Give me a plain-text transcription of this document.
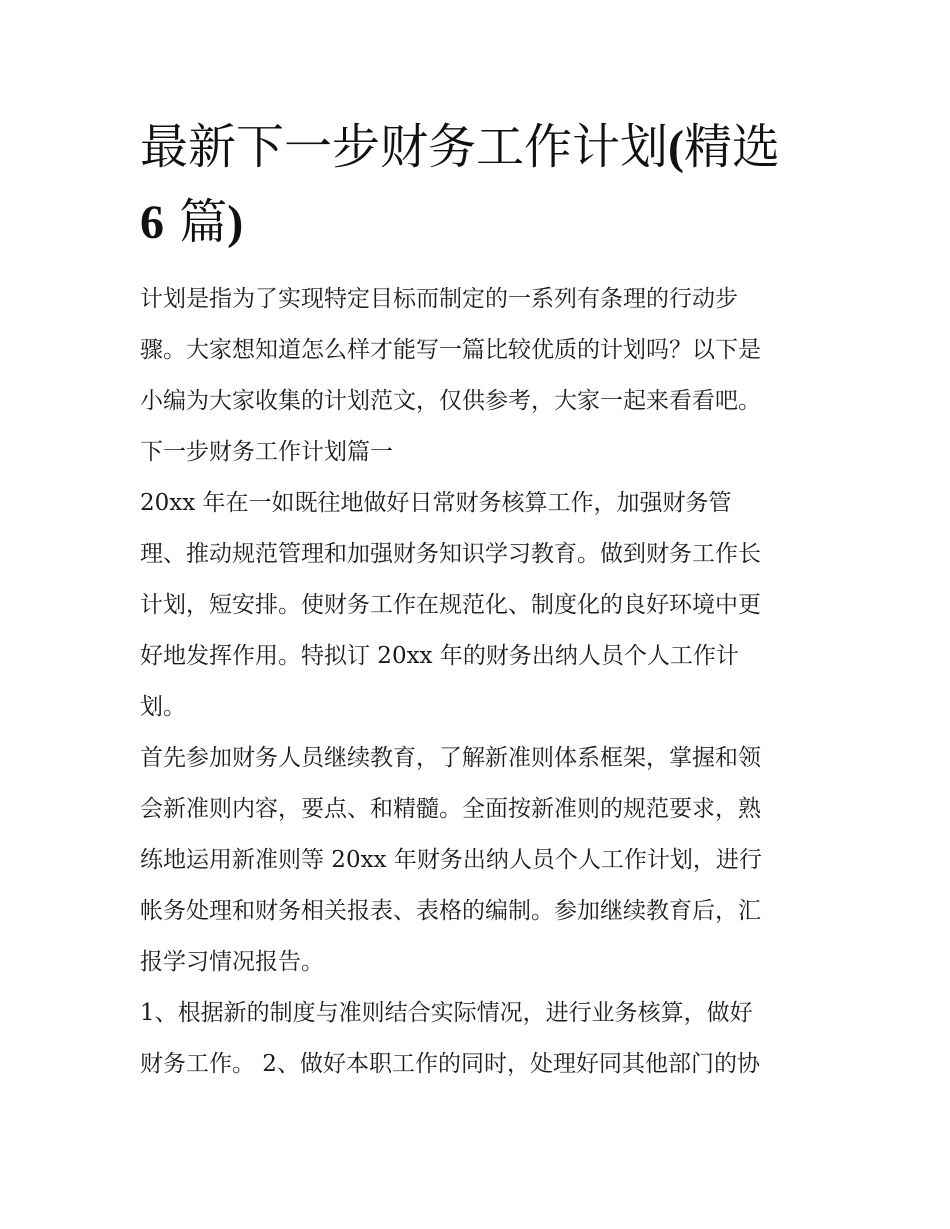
最新下一步财务工作计划(精选
6 篇)
计划是指为了实现特定目标而制定的一系列有条理的行动步
骤。大家想知道怎么样才能写一篇比较优质的计划吗？以下是
小编为大家收集的计划范文，仅供参考，大家一起来看看吧。
下一步财务工作计划篇一
20xx 年在一如既往地做好日常财务核算工作，加强财务管
理、推动规范管理和加强财务知识学习教育。做到财务工作长
计划，短安排。使财务工作在规范化、制度化的良好环境中更
好地发挥作用。特拟订 20xx 年的财务出纳人员个人工作计
划。
首先参加财务人员继续教育，了解新准则体系框架，掌握和领
会新准则内容，要点、和精髓。全面按新准则的规范要求，熟
练地运用新准则等 20xx 年财务出纳人员个人工作计划，进行
帐务处理和财务相关报表、表格的编制。参加继续教育后，汇
报学习情况报告。
1、根据新的制度与准则结合实际情况，进行业务核算，做好
财务工作。 2、做好本职工作的同时，处理好同其他部门的协
